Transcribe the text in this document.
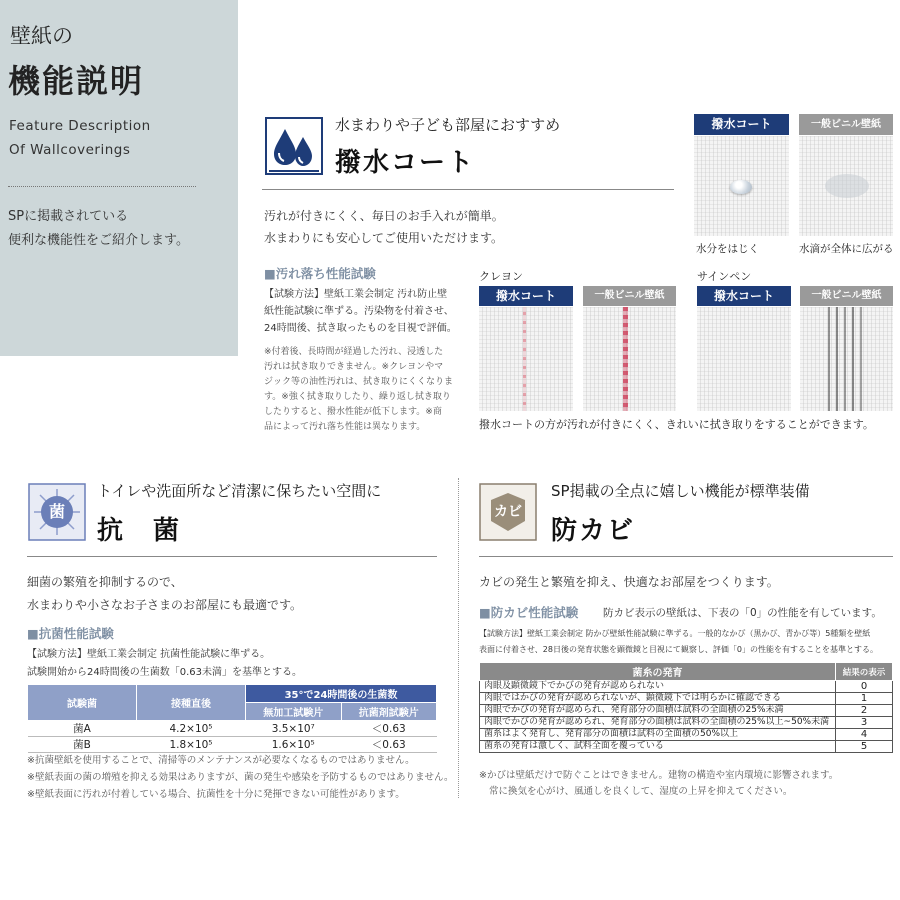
壁紙の
機能説明
Feature Description
Of Wallcoverings
SPに掲載されている
便利な機能性をご紹介します。
水まわりや子ども部屋におすすめ
撥水コート
汚れが付きにくく、毎日のお手入れが簡単。
水まわりにも安心してご使用いただけます。
■汚れ落ち性能試験
【試験方法】壁紙工業会制定 汚れ防止壁
紙性能試験に準ずる。汚染物を付着させ、
24時間後、拭き取ったものを目視で評価。
※付着後、長時間が経過した汚れ、浸透した
汚れは拭き取りできません。※クレヨンやマ
ジック等の油性汚れは、拭き取りにくくなりま
す。※強く拭き取りしたり、繰り返し拭き取り
したりすると、撥水性能が低下します。※商
品によって汚れ落ち性能は異なります。
撥水コート	一般ビニル壁紙
水分をはじく	水滴が全体に広がる
クレヨン	サインペン
撥水コート	一般ビニル壁紙	撥水コート	一般ビニル壁紙
撥水コートの方が汚れが付きにくく、きれいに拭き取りをすることができます。
菌
トイレや洗面所など清潔に保ちたい空間に
抗　菌
細菌の繁殖を抑制するので、
水まわりや小さなお子さまのお部屋にも最適です。
■抗菌性能試験
【試験方法】壁紙工業会制定 抗菌性能試験に準ずる。
試験開始から24時間後の生菌数「0.63未満」を基準とする。
試験菌	接種直後	35°で24時間後の生菌数	
		無加工試験片	抗菌剤試験片
菌A	4.2×10⁵	3.5×10⁷	＜0.63
菌B	1.8×10⁵	1.6×10⁵	＜0.63
※抗菌壁紙を使用することで、清掃等のメンテナンスが必要なくなるものではありません。
※壁紙表面の菌の増殖を抑える効果はありますが、菌の発生や感染を予防するものではありません。
※壁紙表面に汚れが付着している場合、抗菌性を十分に発揮できない可能性があります。
カビ
SP掲載の全点に嬉しい機能が標準装備
防カビ
カビの発生と繁殖を抑え、快適なお部屋をつくります。
■防カビ性能試験 防カビ表示の壁紙は、下表の「0」の性能を有しています。
【試験方法】壁紙工業会制定 防かび壁紙性能試験に準ずる。一般的なかび（黒かび、青かび等）5種類を壁紙
表面に付着させ、28日後の発育状態を顕微鏡と目視にて観察し、評価「0」の性能を有することを基準とする。
菌糸の発育	結果の表示
肉眼及顕微鏡下でかびの発育が認められない	0
肉眼ではかびの発育が認められないが、顕微鏡下では明らかに確認できる	1
肉眼でかびの発育が認められ、発育部分の面積は試料の全面積の25%未満	2
肉眼でかびの発育が認められ、発育部分の面積は試料の全面積の25%以上~50%未満	3
菌糸はよく発育し、発育部分の面積は試料の全面積の50%以上	4
菌糸の発育は激しく、試料全面を覆っている	5
※かびは壁紙だけで防ぐことはできません。建物の構造や室内環境に影響されます。
常に換気を心がけ、風通しを良くして、湿度の上昇を抑えてください。
